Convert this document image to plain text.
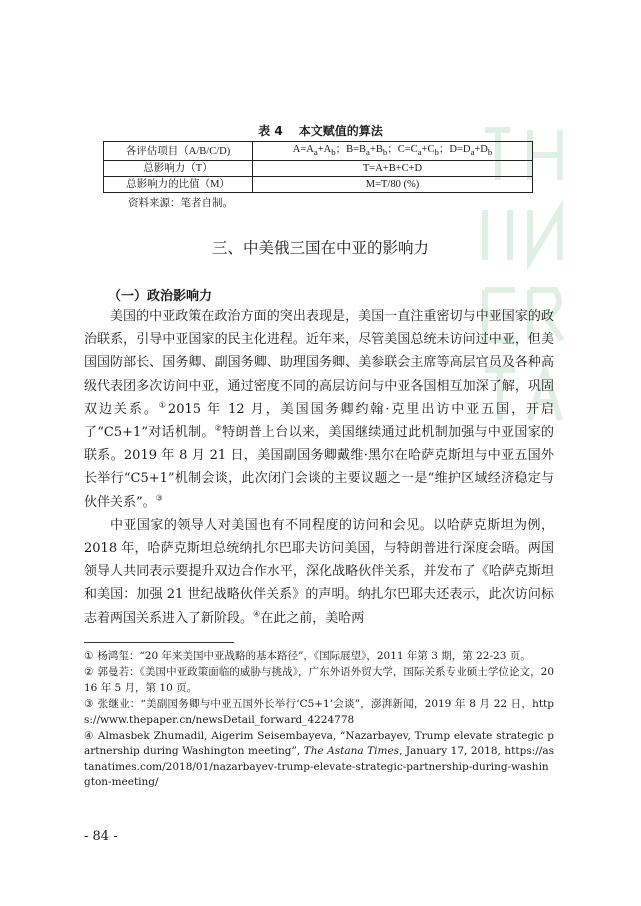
表 4 本文赋值的算法
各评估项目（A/B/C/D)	$A=A_a+A_b$；$B=B_a+B_b$；$C=C_a+C_b$；$D=D_a+D_b$
总影响力（T）	T=A+B+C+D
总影响力的比值（M）	M=T/80 (%)
资料来源：笔者自制。
三、中美俄三国在中亚的影响力
（一）政治影响力

美国的中亚政策在政治方面的突出表现是，美国一直注重密切与中亚国家的政治联系，引导中亚国家的民主化进程。近年来，尽管美国总统未访问过中亚，但美国国防部长、国务卿、副国务卿、助理国务卿、美参联会主席等高层官员及各种高级代表团多次访问中亚，通过密度不同的高层访问与中亚各国相互加深了解，巩固双边关系。①2015 年 12 月，美国国务卿约翰·克里出访中亚五国，开启了“C5+1”对话机制。②特朗普上台以来，美国继续通过此机制加强与中亚国家的联系。2019 年 8 月 21 日，美国副国务卿戴维·黑尔在哈萨克斯坦与中亚五国外长举行“C5+1”机制会谈，此次闭门会谈的主要议题之一是“维护区域经济稳定与伙伴关系”。③

中亚国家的领导人对美国也有不同程度的访问和会见。以哈萨克斯坦为例，2018 年，哈萨克斯坦总统纳扎尔巴耶夫访问美国，与特朗普进行深度会晤。两国领导人共同表示要提升双边合作水平，深化战略伙伴关系，并发布了《哈萨克斯坦和美国：加强 21 世纪战略伙伴关系》的声明。纳扎尔巴耶夫还表示，此次访问标志着两国关系进入了新阶段。④在此之前，美哈两

① 杨鸿玺：“20 年来美国中亚战略的基本路径”，《国际展望》，2011 年第 3 期，第 22-23 页。
② 郭曼若：《美国中亚政策面临的威胁与挑战》，广东外语外贸大学，国际关系专业硕士学位论文，2016 年 5 月，第 10 页。
③ 张继业：“美副国务卿与中亚五国外长举行‘C5+1’会谈”，澎湃新闻，2019 年 8 月 22 日，https://www.thepaper.cn/newsDetail_forward_4224778
④ Almasbek Zhumadil, Aigerim Seisembayeva, “Nazarbayev, Trump elevate strategic partnership during Washington meeting”, The Astana Times, January 17, 2018, https://astanatimes.com/2018/01/nazarbayev-trump-elevate-strategic-partnership-during-washington-meeting/
- 84 -
